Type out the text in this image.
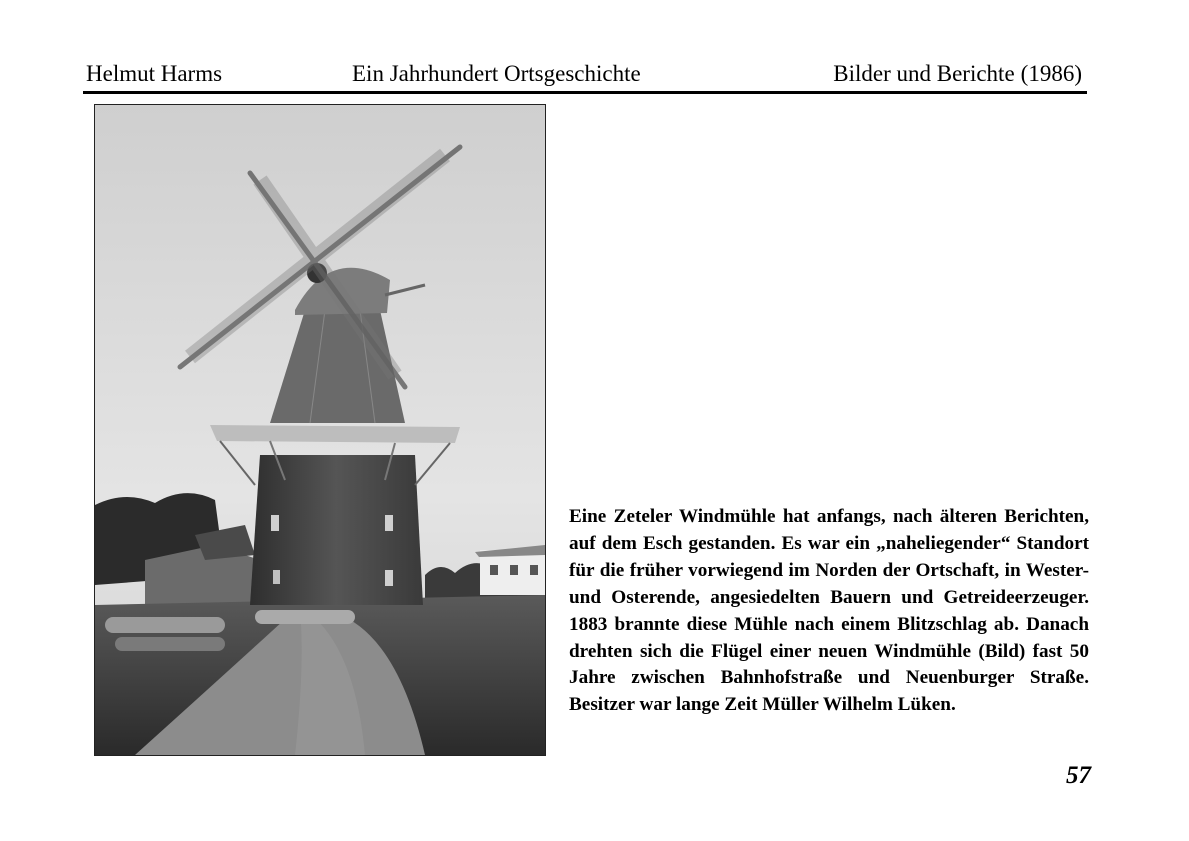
Helmut Harms	Ein Jahrhundert Ortsgeschichte	Bilder und Berichte (1986)

Eine Zeteler Windmühle hat anfangs, nach älteren Berichten, auf dem Esch gestanden. Es war ein „naheliegender“ Standort für die früher vorwiegend im Norden der Ortschaft, in Wester- und Osterende, angesiedelten Bauern und Getreideerzeuger. 1883 brannte diese Mühle nach einem Blitzschlag ab. Danach drehten sich die Flügel einer neuen Windmühle (Bild) fast 50 Jahre zwischen Bahnhofstraße und Neuenburger Straße. Besitzer war lange Zeit Müller Wilhelm Lüken.

57
